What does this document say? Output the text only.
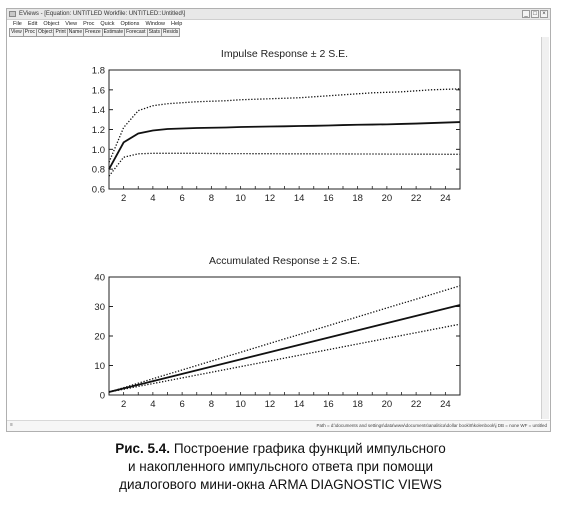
EViews - [Equation: UNTITLED Workfile: UNTITLED::Untitled\]	_ □ ×
File Edit Object View Proc Quick Options Window Help
View Proc Object Print Name Freeze Estimate Forecast Stats Resids
≡	Path = d:\documents and settings\data\www\documents\analitica\dollar book\8\kolenbook\j DB = none WF = untitled
Impulse Response ± 2 S.E.
0.6
0.8
1.0
1.2
1.4
1.6
1.8
2	4	6	8 10 12 14 16 18 20 22 24
Accumulated Response ± 2 S.E.
0
10
20
30
40
2	4	6	8 10 12 14 16 18 20 22 24
Рис. 5.4. Построение графика функций импульсного
и накопленного импульсного ответа при помощи
диалогового мини-окна ARMA DIAGNOSTIC VIEWS
